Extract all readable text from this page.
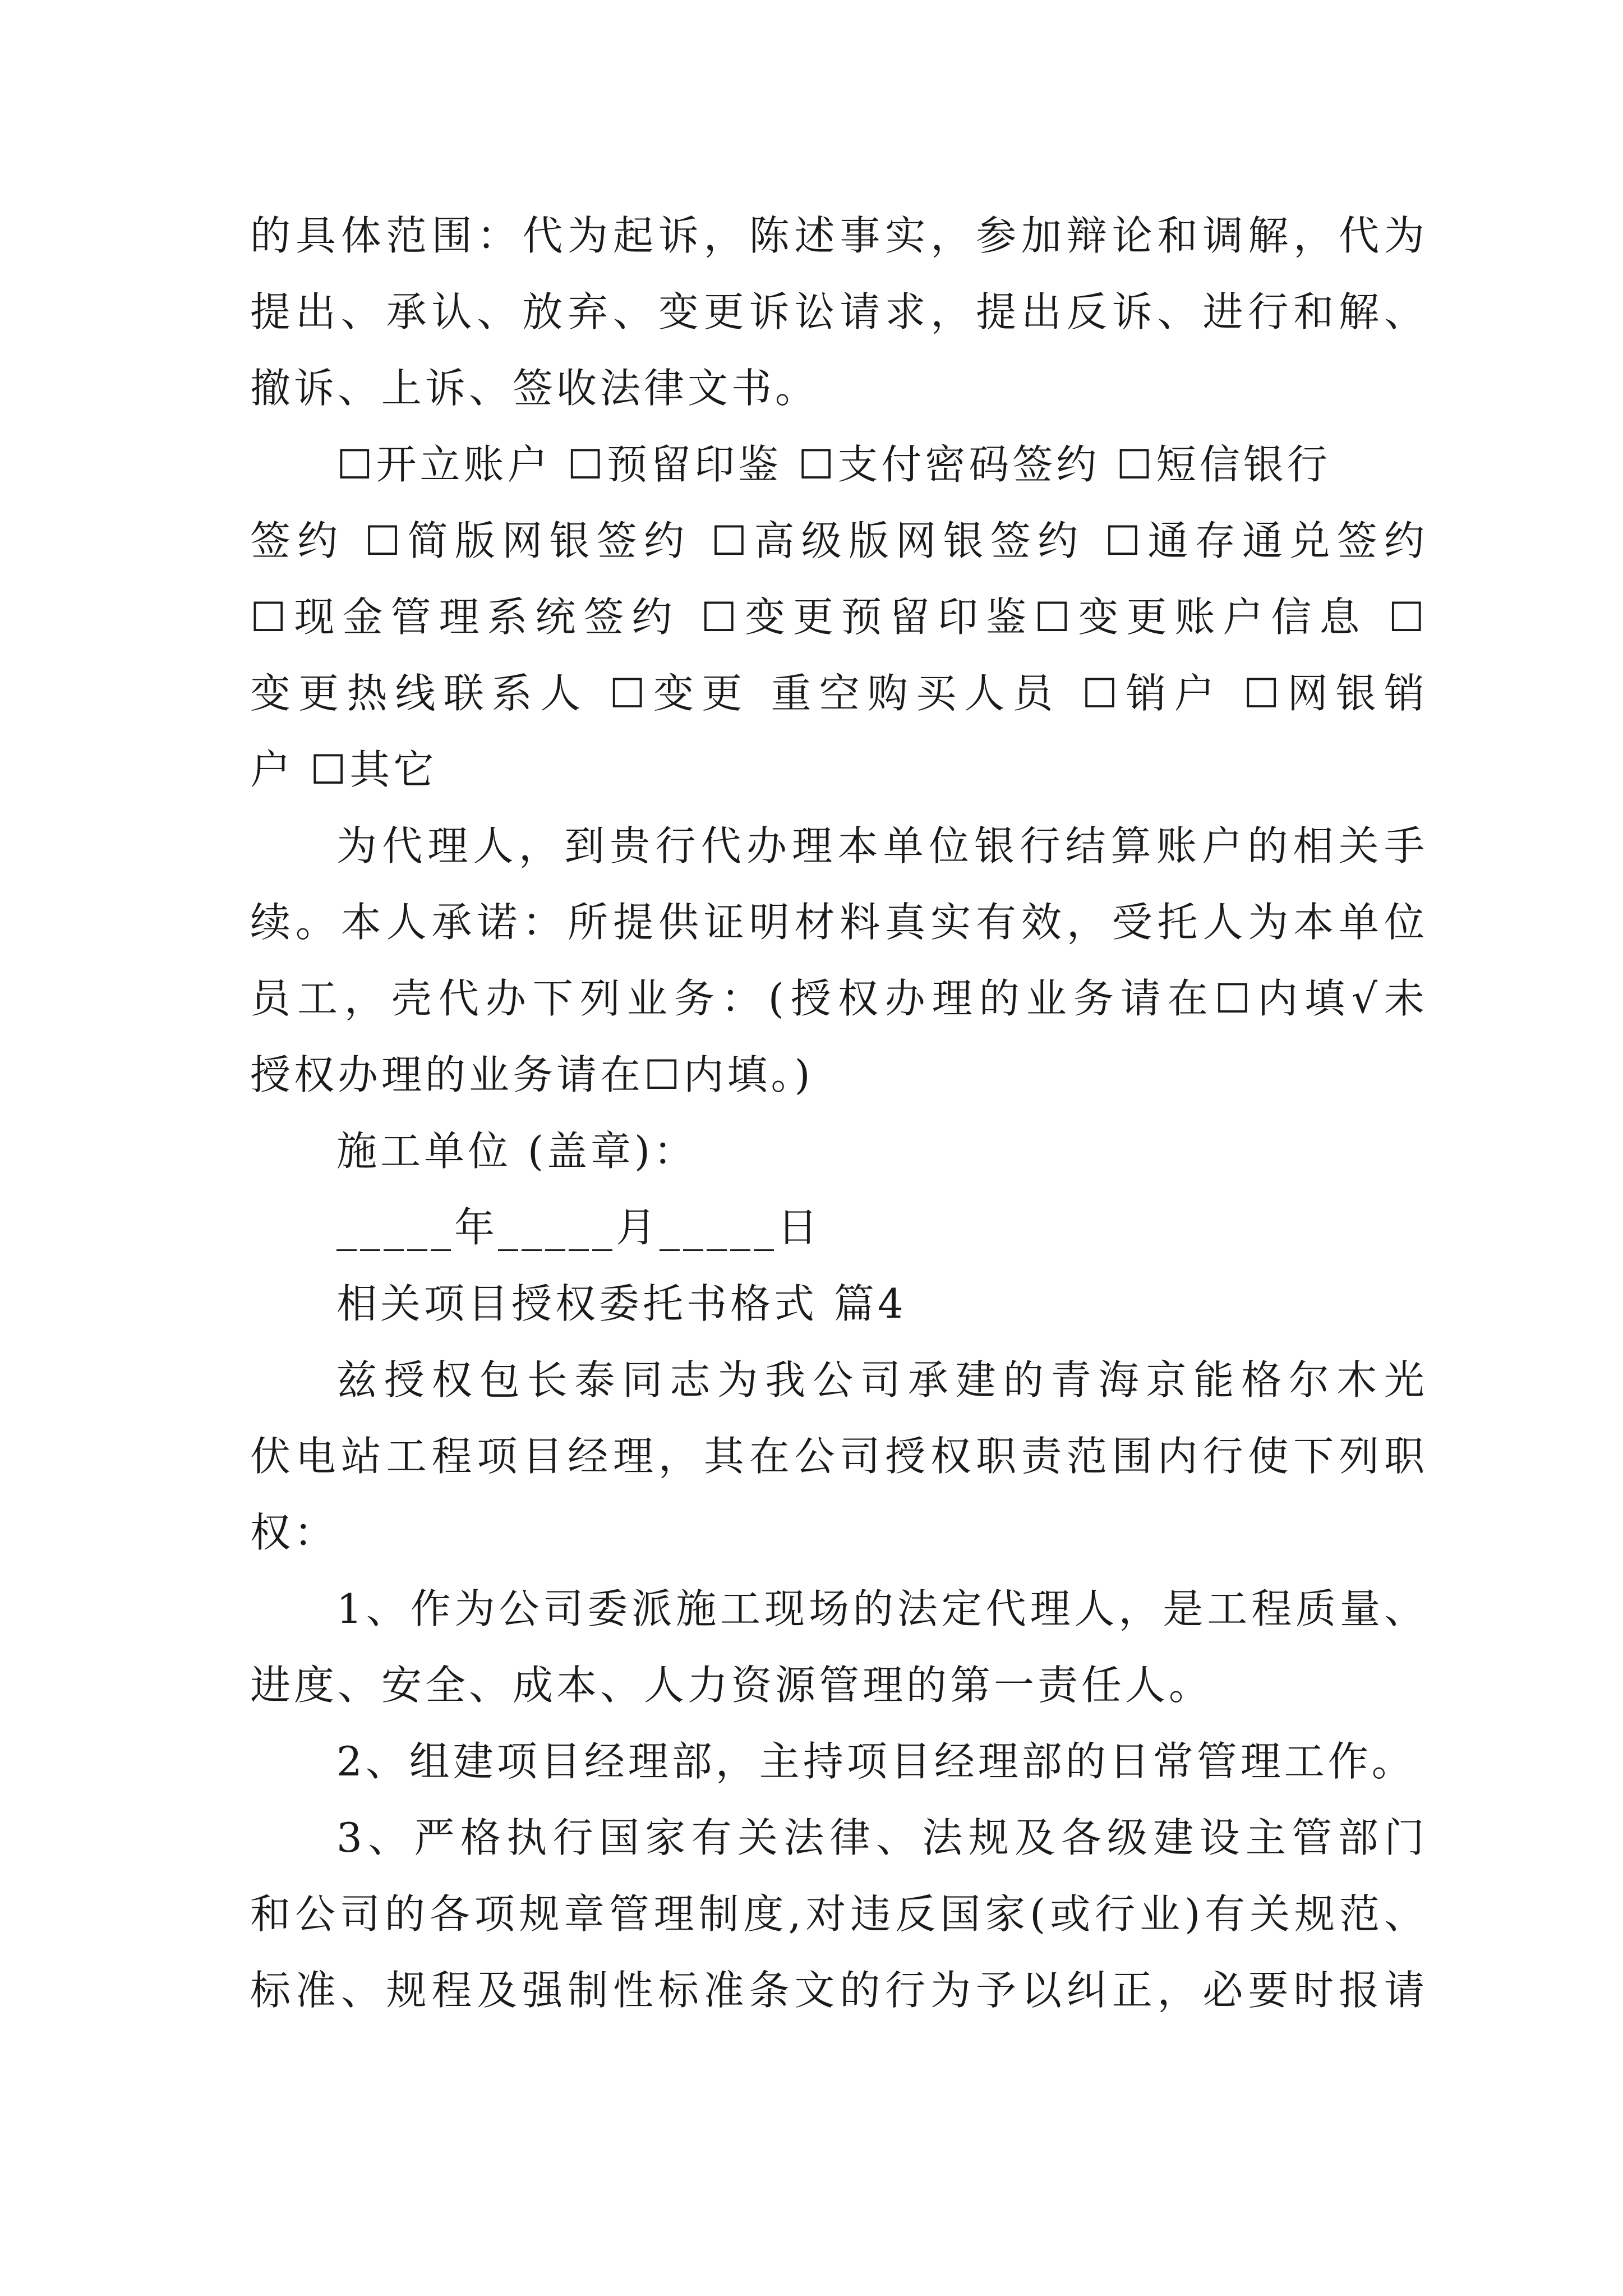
的具体范围：代为起诉，陈述事实，参加辩论和调解，代为
提出、承认、放弃、变更诉讼请求，提出反诉、进行和解、
撤诉、上诉、签收法律文书。
☐开立账户 ☐预留印鉴 ☐支付密码签约 ☐短信银行
签约 ☐简版网银签约 ☐高级版网银签约 ☐通存通兑签约
☐现金管理系统签约 ☐变更预留印鉴☐变更账户信息 ☐
变更热线联系人 ☐变更 重空购买人员 ☐销户 ☐网银销
户 ☐其它
为代理人，到贵行代办理本单位银行结算账户的相关手
续。本人承诺：所提供证明材料真实有效，受托人为本单位
员工，壳代办下列业务：(授权办理的业务请在☐内填√未
授权办理的业务请在☐内填。)
施工单位 (盖章)：
_____年_____月_____日
相关项目授权委托书格式 篇4
兹授权包长泰同志为我公司承建的青海京能格尔木光
伏电站工程项目经理，其在公司授权职责范围内行使下列职
权：
1、作为公司委派施工现场的法定代理人，是工程质量、
进度、安全、成本、人力资源管理的第一责任人。
2、组建项目经理部，主持项目经理部的日常管理工作。
3、严格执行国家有关法律、法规及各级建设主管部门
和公司的各项规章管理制度,对违反国家(或行业)有关规范、
标准、规程及强制性标准条文的行为予以纠正，必要时报请
